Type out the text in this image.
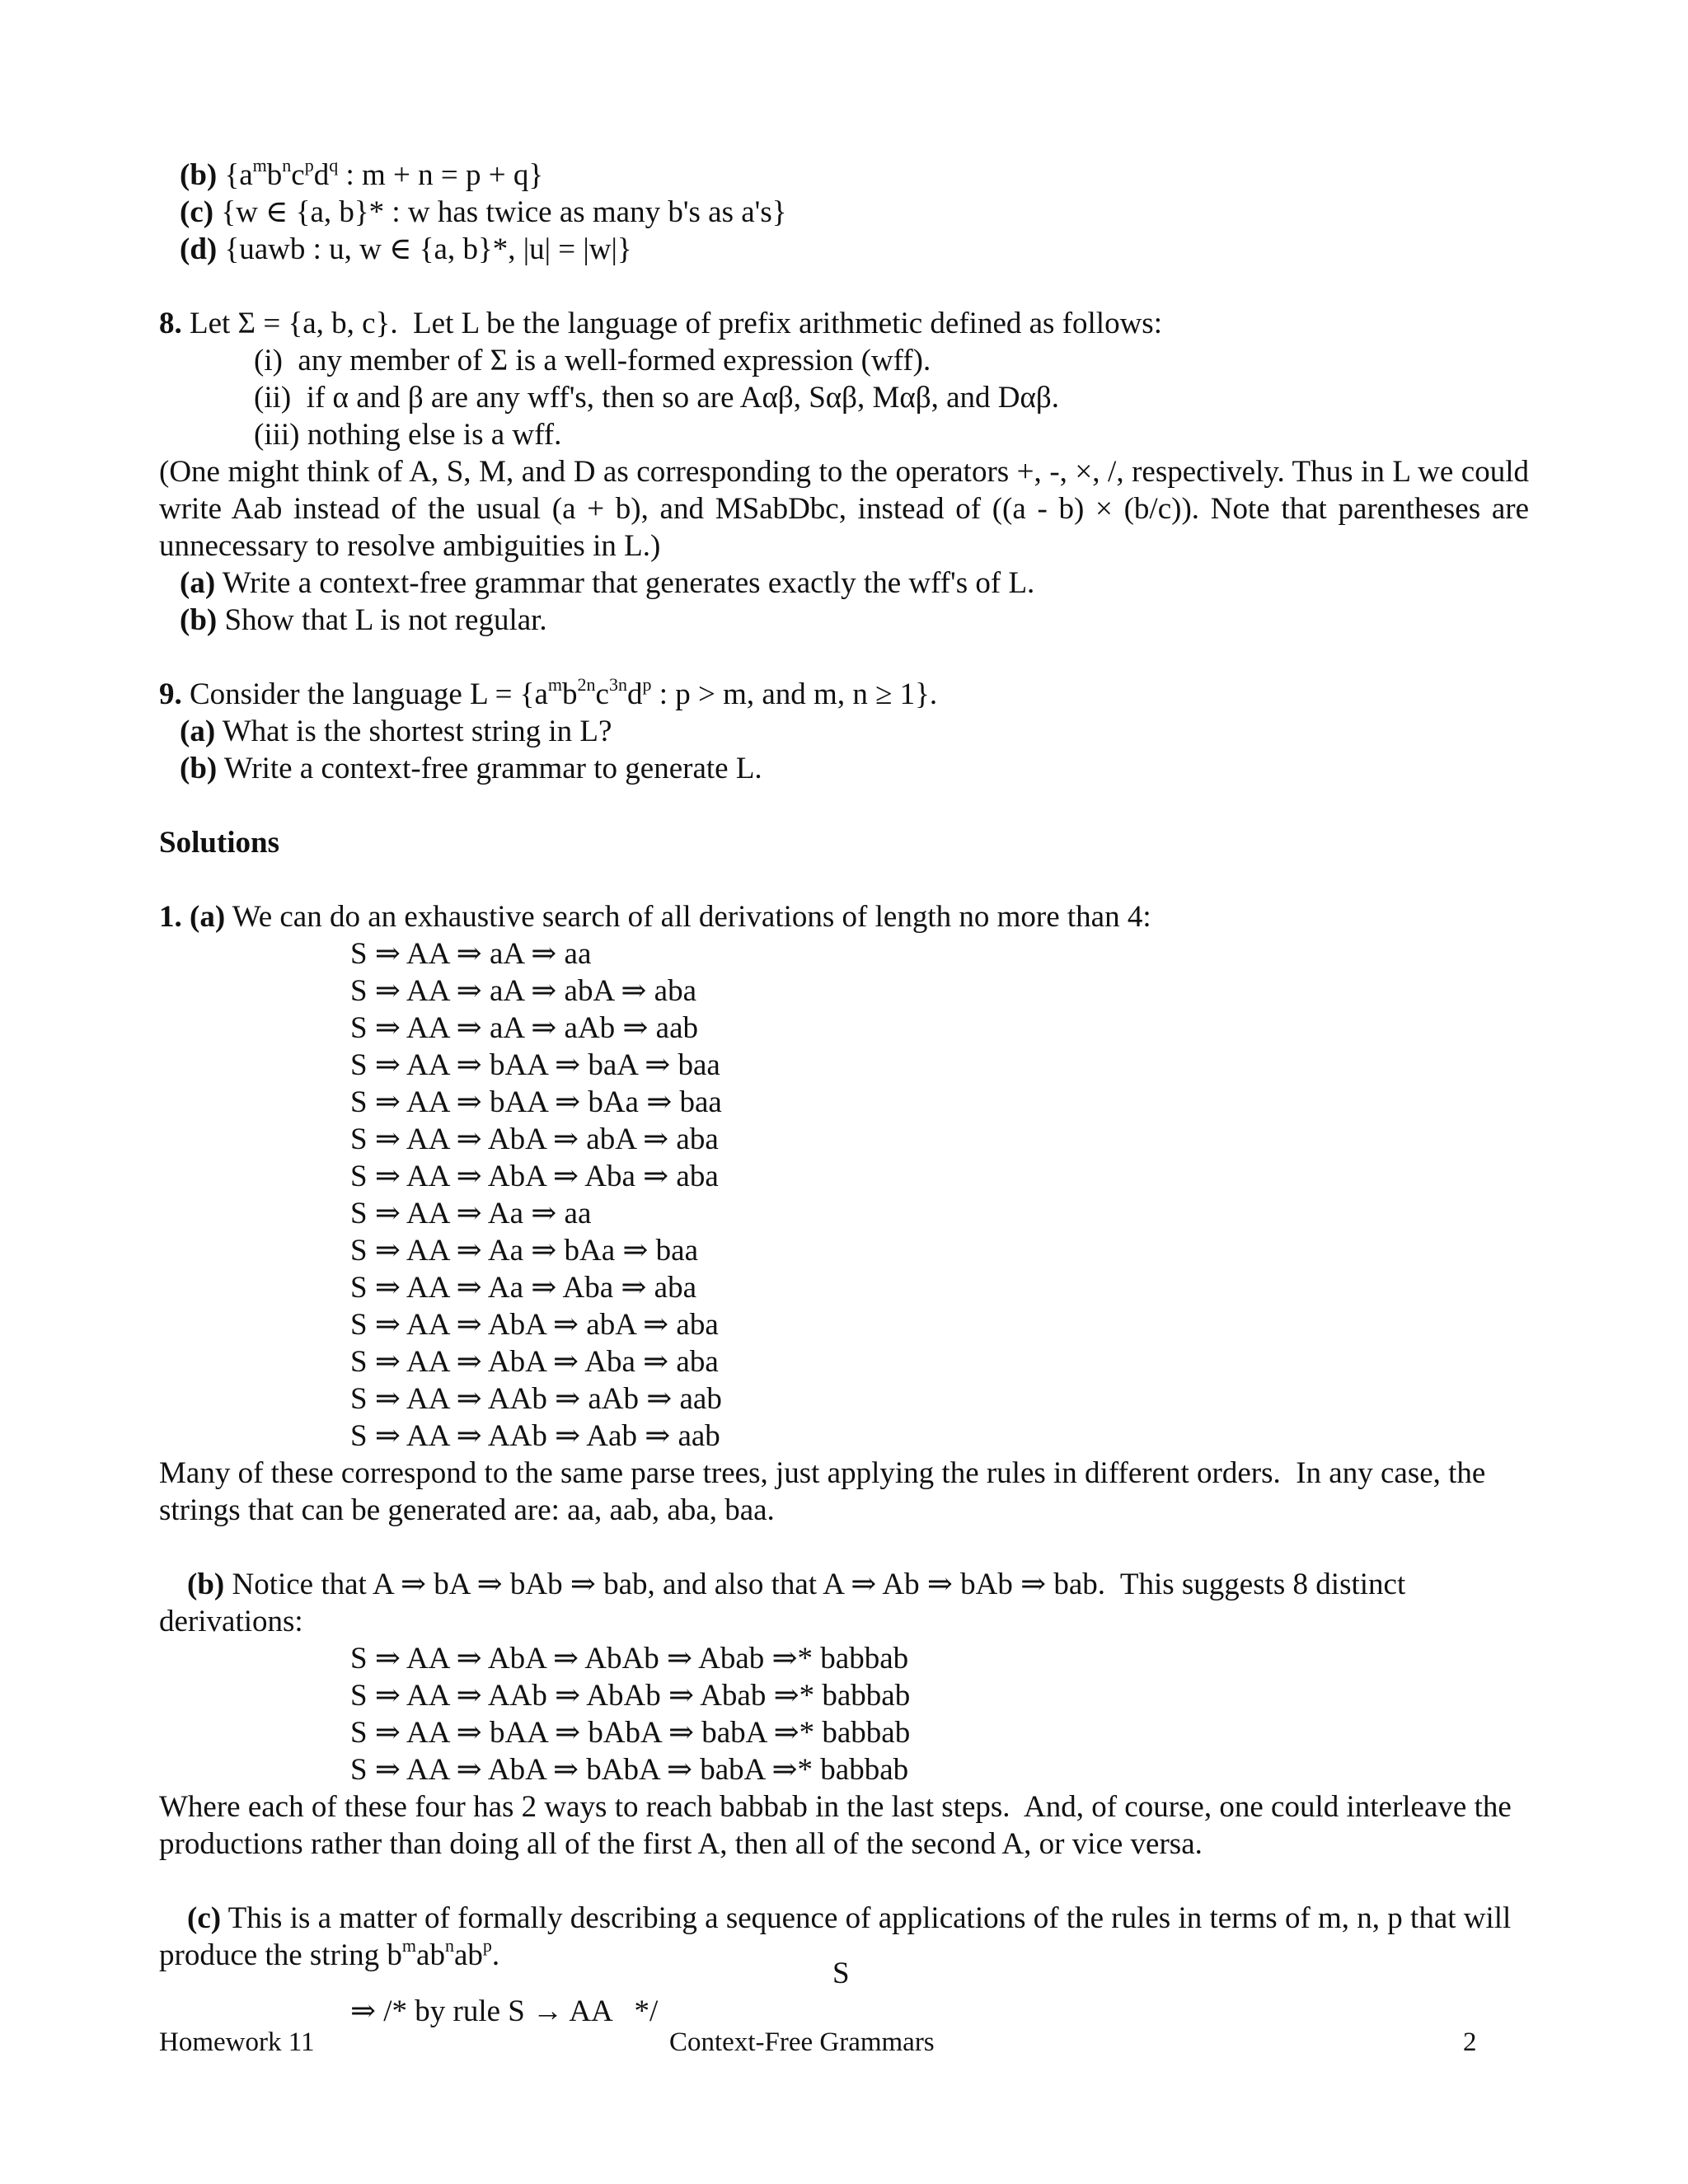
(b) {$a^mb^nc^pd^q$ : m + n = p + q}
(c) {w ∈ {a, b}* : w has twice as many b's as a's}
(d) {uawb : u, w ∈ {a, b}*, |u| = |w|}
8. Let Σ = {a, b, c}.  Let L be the language of prefix arithmetic defined as follows:
(i)  any member of Σ is a well-formed expression (wff).
(ii)  if α and β are any wff's, then so are Aαβ, Sαβ, Mαβ, and Dαβ.
(iii) nothing else is a wff.
(One might think of A, S, M, and D as corresponding to the operators +, -, ×, /, respectively. Thus in L we could
write Aab instead of the usual (a + b), and MSabDbc, instead of ((a - b) × (b/c)). Note that parentheses are
unnecessary to resolve ambiguities in L.)
(a) Write a context-free grammar that generates exactly the wff's of L.
(b) Show that L is not regular.
9. Consider the language $L = \{a^mb^{2n}c^{3n}d^p$ : p > m, and m, n ≥ 1}.
(a) What is the shortest string in L?
(b) Write a context-free grammar to generate L.
Solutions
1. (a) We can do an exhaustive search of all derivations of length no more than 4:
S ⇒ AA ⇒ aA ⇒ aa
S ⇒ AA ⇒ aA ⇒ abA ⇒ aba
S ⇒ AA ⇒ aA ⇒ aAb ⇒ aab
S ⇒ AA ⇒ bAA ⇒ baA ⇒ baa
S ⇒ AA ⇒ bAA ⇒ bAa ⇒ baa
S ⇒ AA ⇒ AbA ⇒ abA ⇒ aba
S ⇒ AA ⇒ AbA ⇒ Aba ⇒ aba
S ⇒ AA ⇒ Aa ⇒ aa
S ⇒ AA ⇒ Aa ⇒ bAa ⇒ baa
S ⇒ AA ⇒ Aa ⇒ Aba ⇒ aba
S ⇒ AA ⇒ AbA ⇒ abA ⇒ aba
S ⇒ AA ⇒ AbA ⇒ Aba ⇒ aba
S ⇒ AA ⇒ AAb ⇒ aAb ⇒ aab
S ⇒ AA ⇒ AAb ⇒ Aab ⇒ aab
Many of these correspond to the same parse trees, just applying the rules in different orders.  In any case, the
strings that can be generated are: aa, aab, aba, baa.
(b) Notice that A ⇒ bA ⇒ bAb ⇒ bab, and also that A ⇒ Ab ⇒ bAb ⇒ bab.  This suggests 8 distinct
derivations:
S ⇒ AA ⇒ AbA ⇒ AbAb ⇒ Abab ⇒* babbab
S ⇒ AA ⇒ AAb ⇒ AbAb ⇒ Abab ⇒* babbab
S ⇒ AA ⇒ bAA ⇒ bAbA ⇒ babA ⇒* babbab
S ⇒ AA ⇒ AbA ⇒ bAbA ⇒ babA ⇒* babbab
Where each of these four has 2 ways to reach babbab in the last steps.  And, of course, one could interleave the
productions rather than doing all of the first A, then all of the second A, or vice versa.
(c) This is a matter of formally describing a sequence of applications of the rules in terms of m, n, p that will
produce the string $b^mab^nab^p$.
S
⇒ /* by rule S → AA   */
Homework 11	Context-Free Grammars	2
